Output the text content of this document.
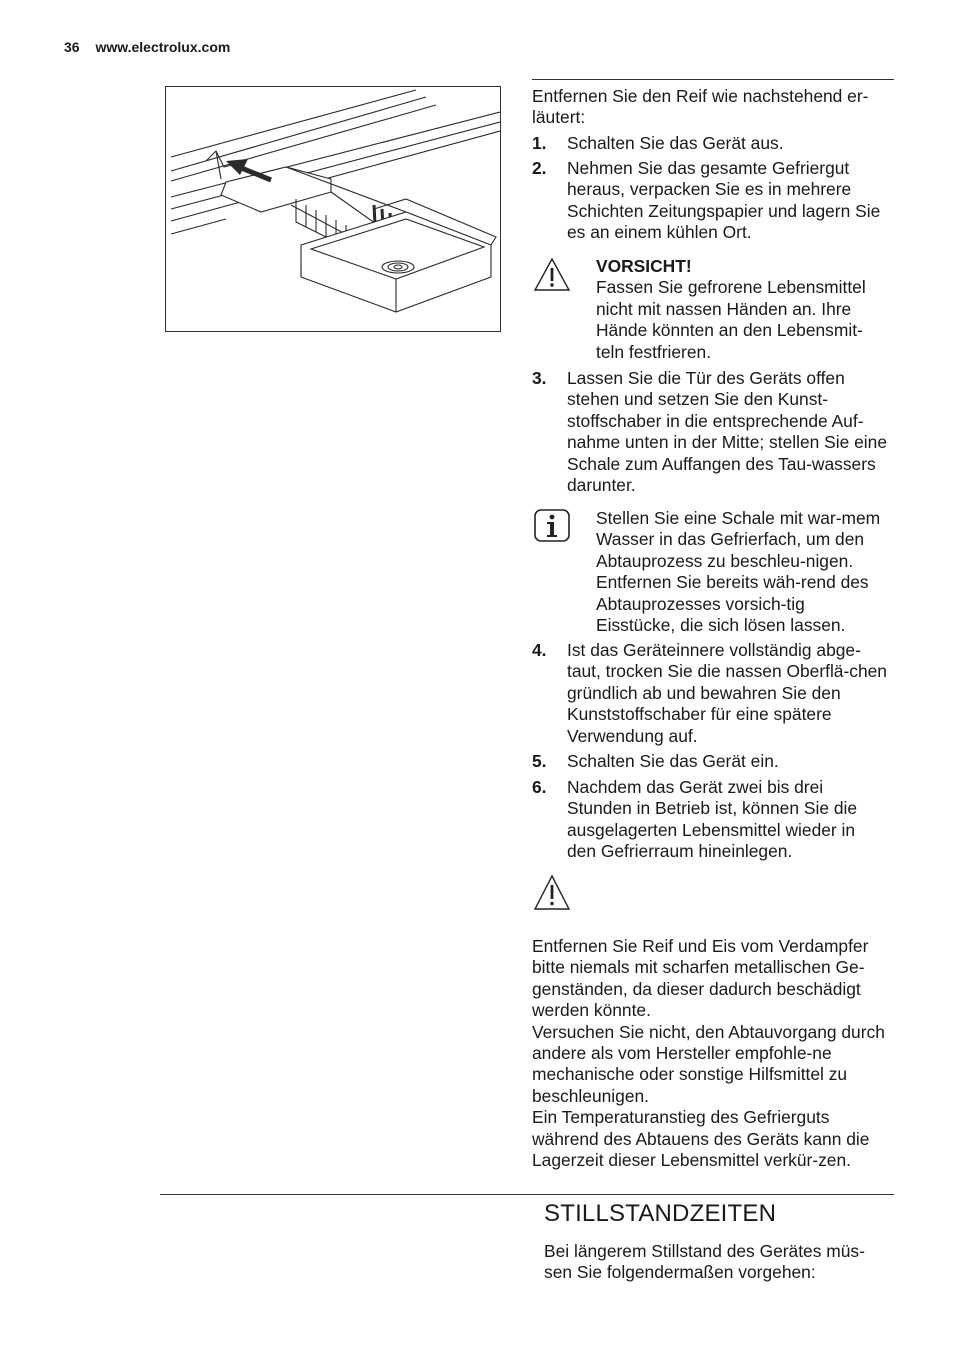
36 www.electrolux.com

Entfernen Sie den Reif wie nachstehend er-läutert:

1.	Schalten Sie das Gerät aus.
2.	Nehmen Sie das gesamte Gefriergut heraus, verpacken Sie es in mehrere Schichten Zeitungspapier und lagern Sie es an einem kühlen Ort.
VORSICHT!
Fassen Sie gefrorene Lebensmittel nicht mit nassen Händen an. Ihre Hände könnten an den Lebensmit-teln festfrieren.
3.	Lassen Sie die Tür des Geräts offen stehen und setzen Sie den Kunst-stoffschaber in die entsprechende Auf-nahme unten in der Mitte; stellen Sie eine Schale zum Auffangen des Tau-wassers darunter.
Stellen Sie eine Schale mit war-mem Wasser in das Gefrierfach, um den Abtauprozess zu beschleu-nigen. Entfernen Sie bereits wäh-rend des Abtauprozesses vorsich-tig Eisstücke, die sich lösen lassen.
4.	Ist das Geräteinnere vollständig abge-taut, trocken Sie die nassen Oberflä-chen gründlich ab und bewahren Sie den Kunststoffschaber für eine spätere Verwendung auf.
5.	Schalten Sie das Gerät ein.
6.	Nachdem das Gerät zwei bis drei Stunden in Betrieb ist, können Sie die ausgelagerten Lebensmittel wieder in den Gefrierraum hineinlegen.

Entfernen Sie Reif und Eis vom Verdampfer bitte niemals mit scharfen metallischen Ge-genständen, da dieser dadurch beschädigt werden könnte.

Versuchen Sie nicht, den Abtauvorgang durch andere als vom Hersteller empfohle-ne mechanische oder sonstige Hilfsmittel zu beschleunigen.

Ein Temperaturanstieg des Gefrierguts während des Abtauens des Geräts kann die Lagerzeit dieser Lebensmittel verkür-zen.

STILLSTANDZEITEN

Bei längerem Stillstand des Gerätes müs-sen Sie folgendermaßen vorgehen:
